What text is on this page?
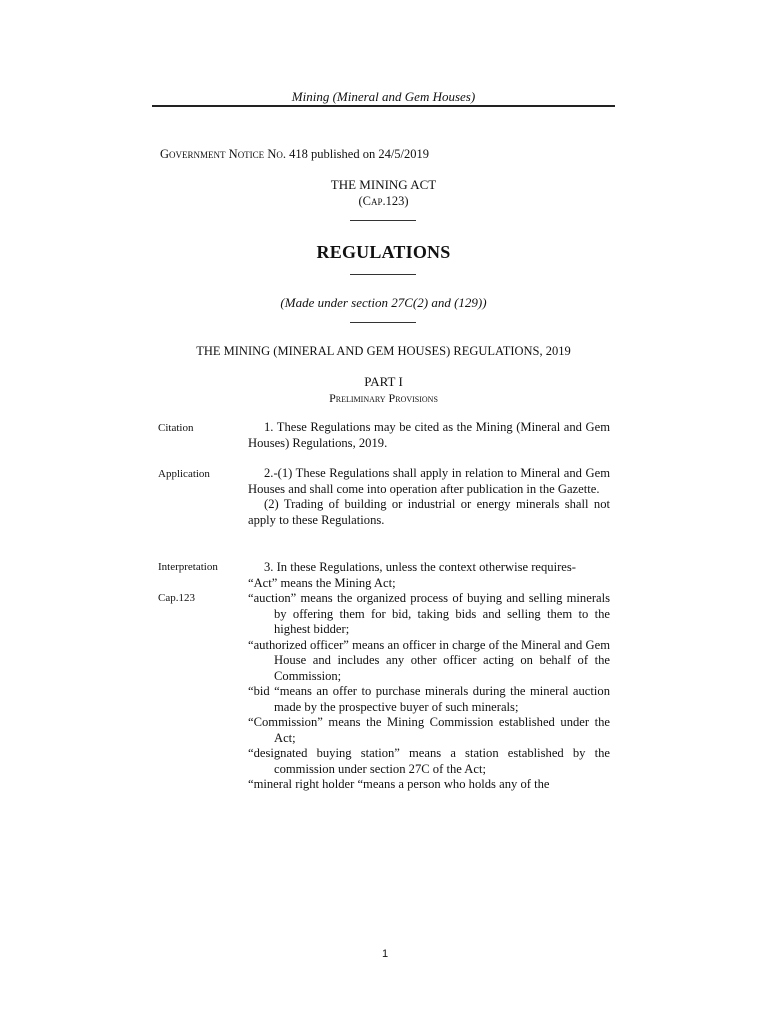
Mining (Mineral and Gem Houses)
Government Notice No. 418 published on 24/5/2019
THE MINING ACT
(Cap.123)
REGULATIONS
(Made under section 27C(2) and (129))
THE MINING (MINERAL AND GEM HOUSES) REGULATIONS, 2019
PART I
Preliminary Provisions
Citation	1. These Regulations may be cited as the Mining (Mineral and Gem Houses) Regulations, 2019.

Application	2.-(1) These Regulations shall apply in relation to Mineral and Gem Houses and shall come into operation after publication in the Gazette.

(2) Trading of building or industrial or energy minerals shall not apply to these Regulations.

Interpretation
Cap.123

3. In these Regulations, unless the context otherwise requires-

“Act” means the Mining Act;

“auction” means the organized process of buying and selling minerals by offering them for bid, taking bids and selling them to the highest bidder;

“authorized officer” means an officer in charge of the Mineral and Gem House and includes any other officer acting on behalf of the Commission;

“bid “means an offer to purchase minerals during the mineral auction made by the prospective buyer of such minerals;

“Commission” means the Mining Commission established under the Act;

“designated buying station” means a station established by the commission under section 27C of the Act;

“mineral right holder “means a person who holds any of the

1
